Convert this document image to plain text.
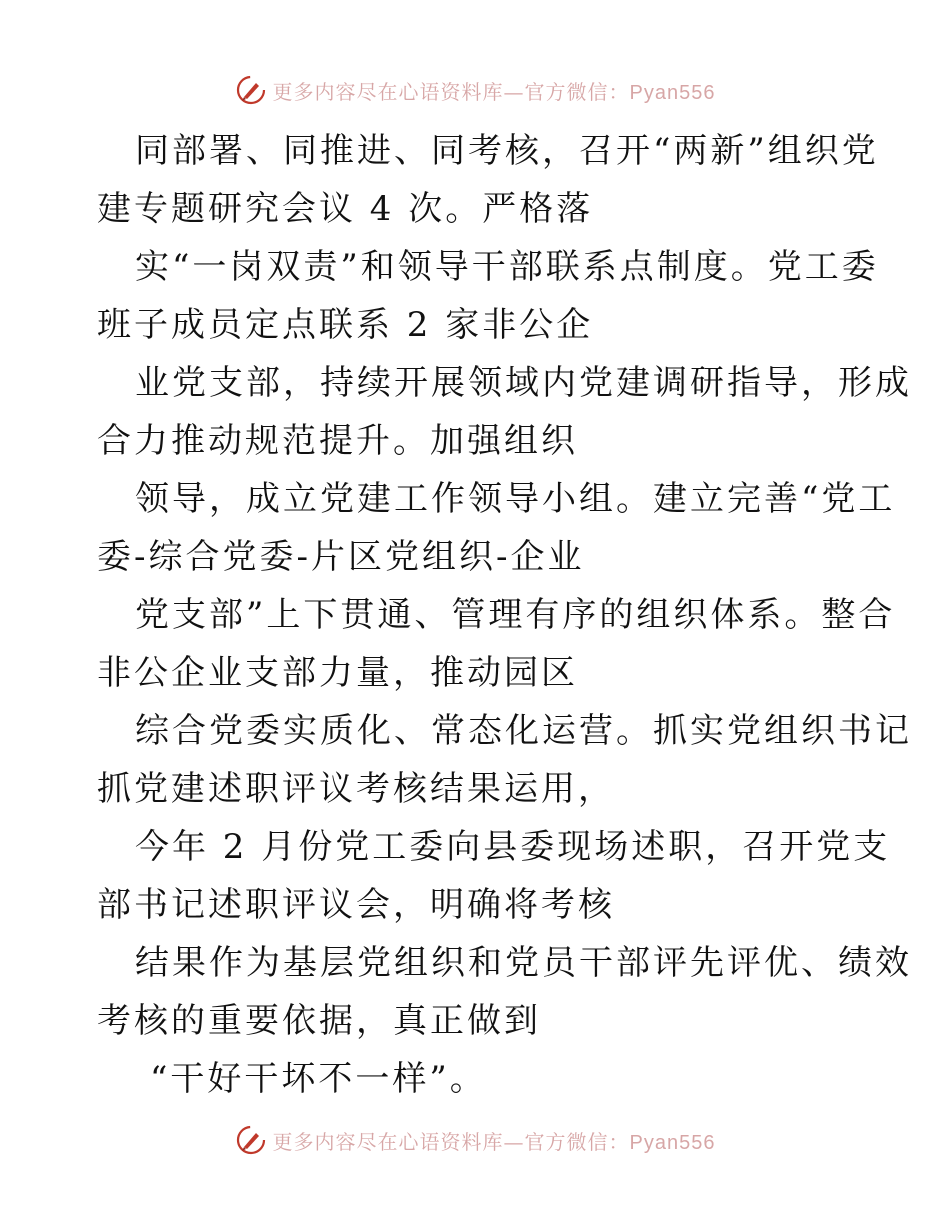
更多内容尽在心语资料库—官方微信：Pyan556
同部署、同推进、同考核，召开“两新”组织党
建专题研究会议 4 次。严格落
实“一岗双责”和领导干部联系点制度。党工委
班子成员定点联系 2 家非公企
业党支部，持续开展领域内党建调研指导，形成
合力推动规范提升。加强组织
领导，成立党建工作领导小组。建立完善“党工
委-综合党委-片区党组织-企业
党支部”上下贯通、管理有序的组织体系。整合
非公企业支部力量，推动园区
综合党委实质化、常态化运营。抓实党组织书记
抓党建述职评议考核结果运用，
今年 2 月份党工委向县委现场述职，召开党支
部书记述职评议会，明确将考核
结果作为基层党组织和党员干部评先评优、绩效
考核的重要依据，真正做到
“干好干坏不一样”。
更多内容尽在心语资料库—官方微信：Pyan556
